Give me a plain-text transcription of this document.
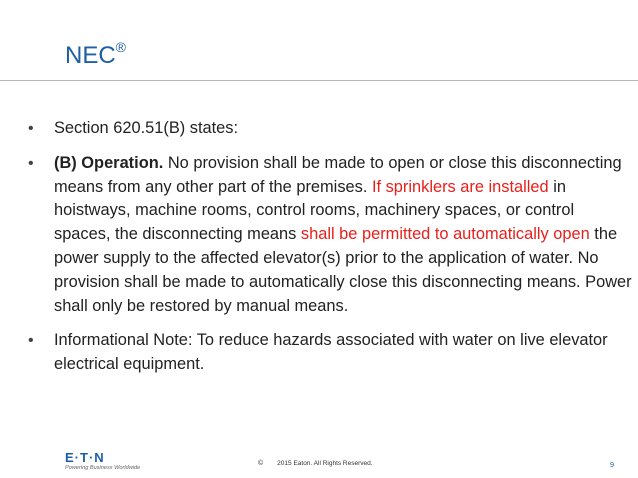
NEC®
• Section 620.51(B) states:
• (B) Operation. No provision shall be made to open or close this disconnecting means from any other part of the premises. If sprinklers are installed in hoistways, machine rooms, control rooms, machinery spaces, or control spaces, the disconnecting means shall be permitted to automatically open the power supply to the affected elevator(s) prior to the application of water. No provision shall be made to automatically close this disconnecting means. Power shall only be restored by manual means.
• Informational Note: To reduce hazards associated with water on live elevator electrical equipment.
E·T·N
Powering Business Worldwide
© 2015 Eaton. All Rights Reserved.	9
